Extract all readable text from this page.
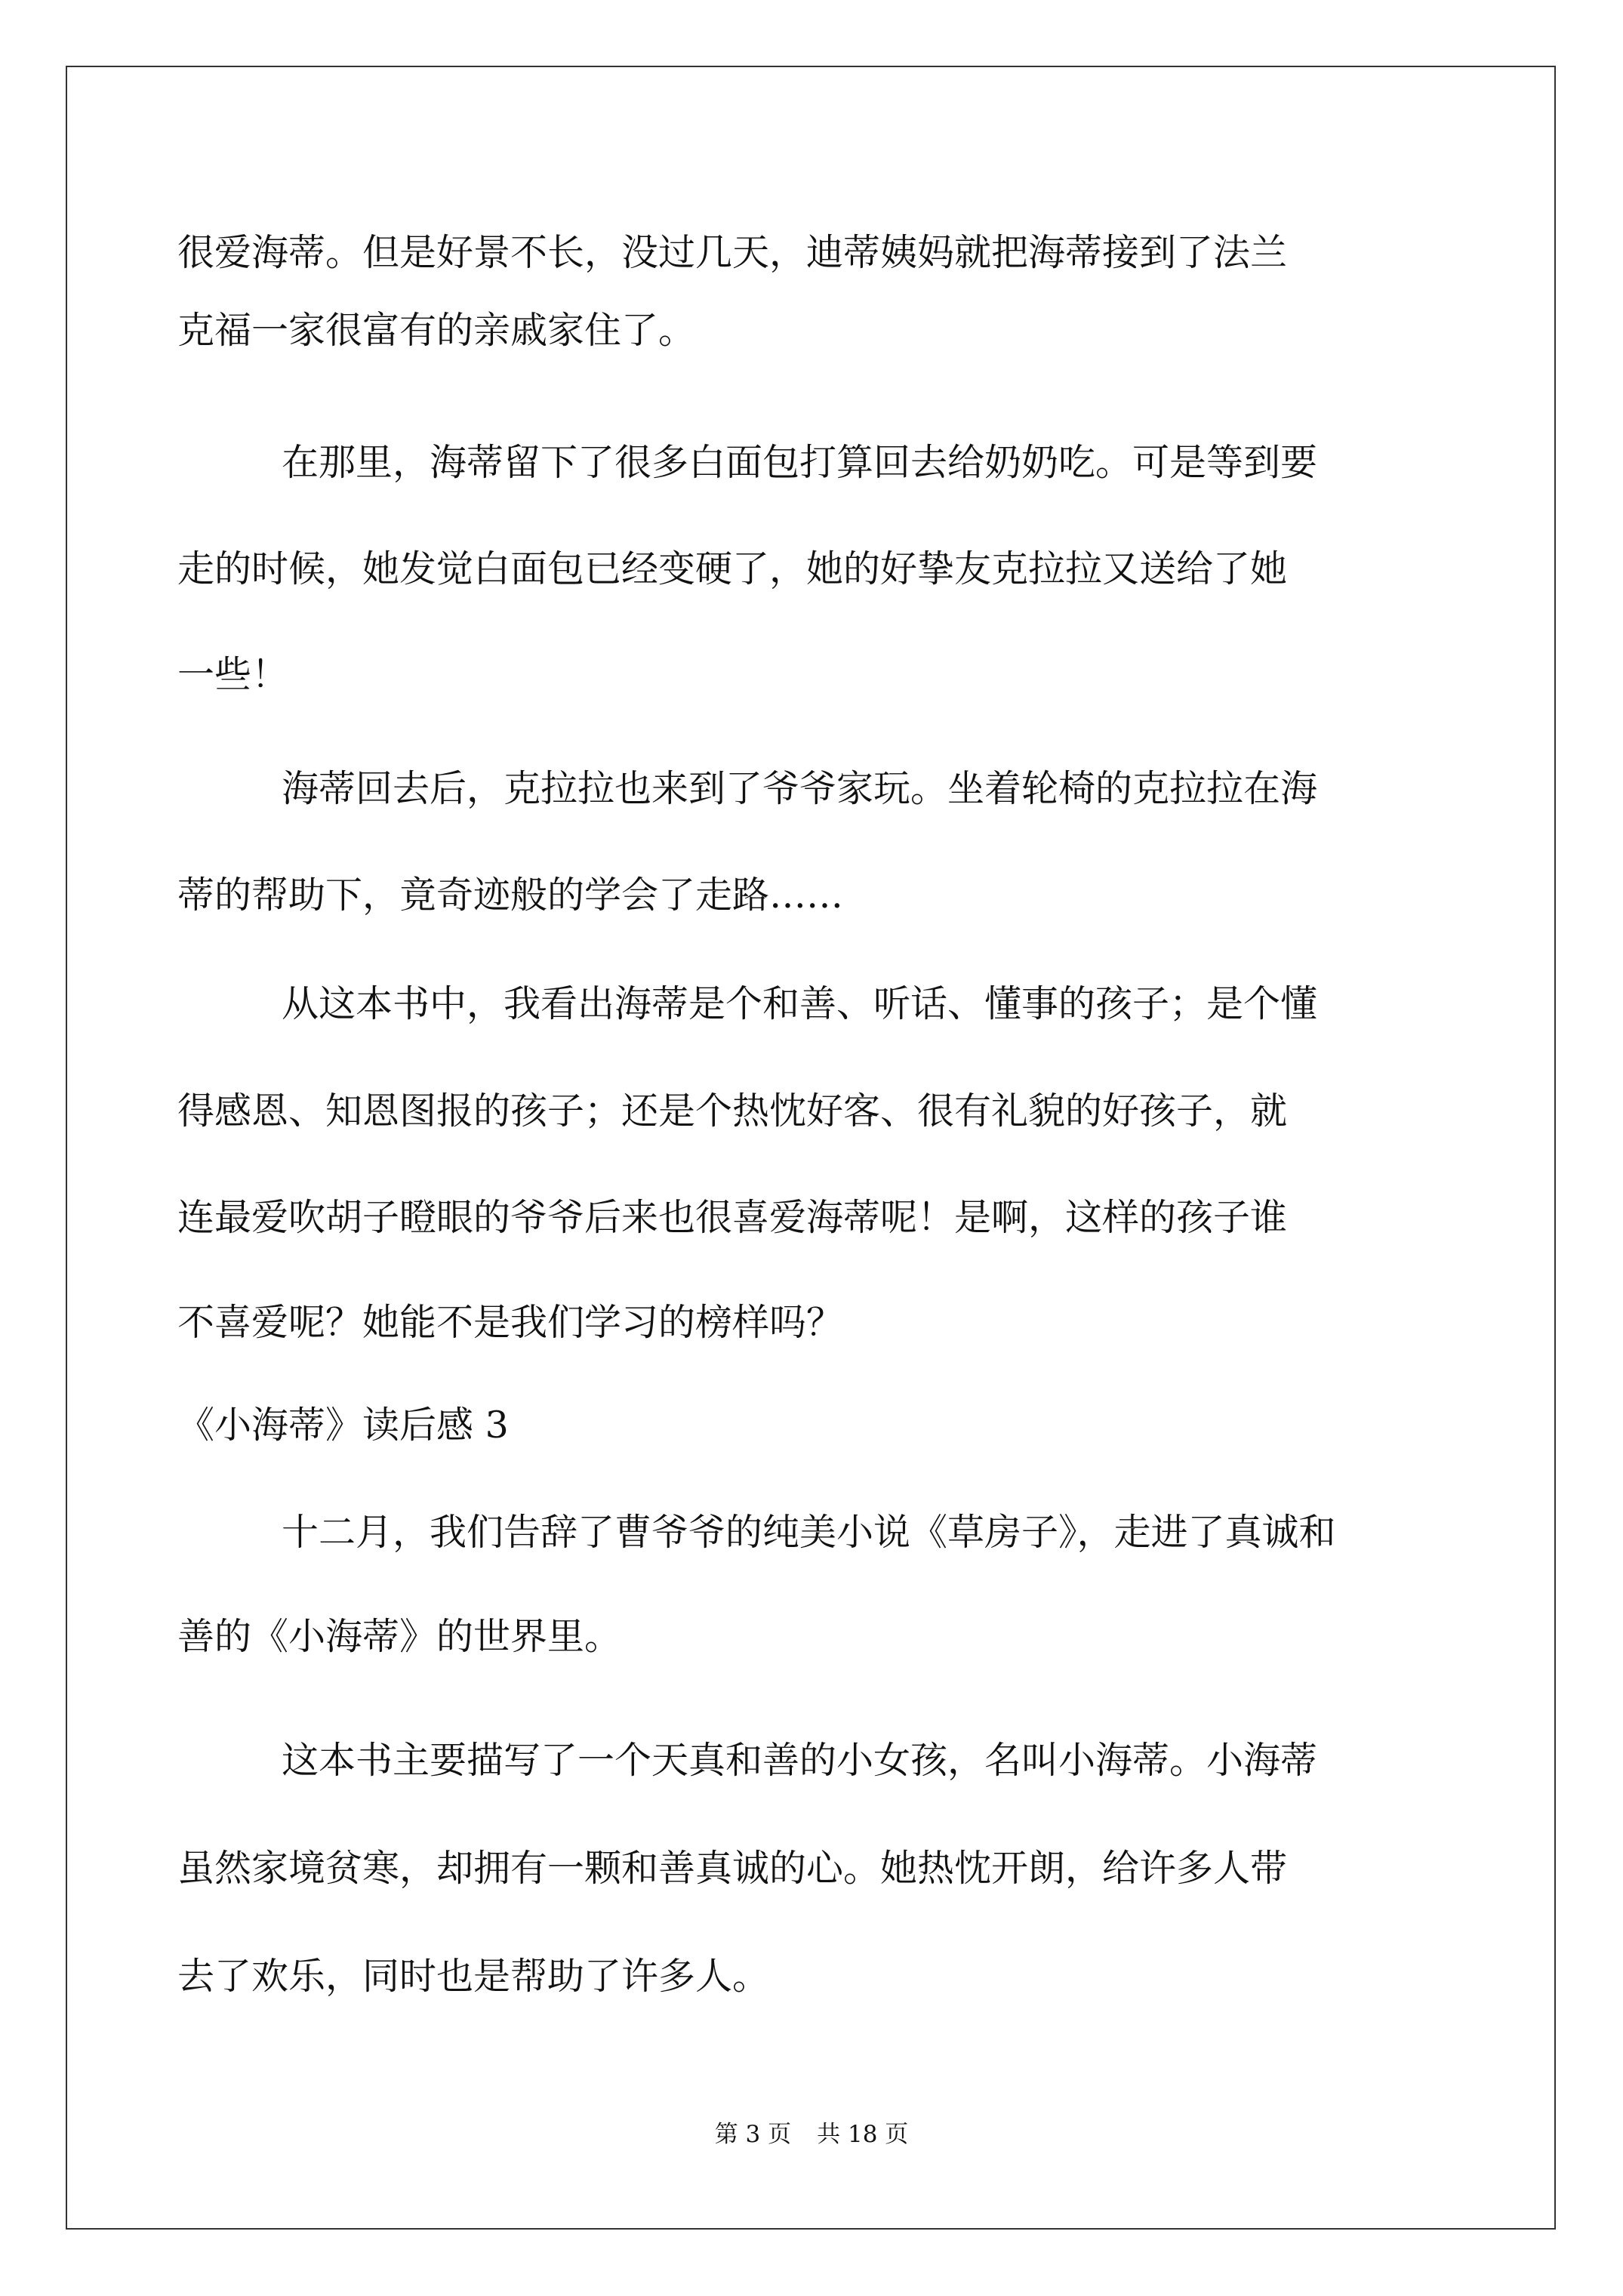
很爱海蒂。但是好景不长，没过几天，迪蒂姨妈就把海蒂接到了法兰
克福一家很富有的亲戚家住了。
在那里，海蒂留下了很多白面包打算回去给奶奶吃。可是等到要
走的时候，她发觉白面包已经变硬了，她的好挚友克拉拉又送给了她
一些！
海蒂回去后，克拉拉也来到了爷爷家玩。坐着轮椅的克拉拉在海
蒂的帮助下，竟奇迹般的学会了走路……
从这本书中，我看出海蒂是个和善、听话、懂事的孩子；是个懂
得感恩、知恩图报的孩子；还是个热忱好客、很有礼貌的好孩子，就
连最爱吹胡子瞪眼的爷爷后来也很喜爱海蒂呢！是啊，这样的孩子谁
不喜爱呢？她能不是我们学习的榜样吗？
《小海蒂》读后感 3
十二月，我们告辞了曹爷爷的纯美小说《草房子》，走进了真诚和
善的《小海蒂》的世界里。
这本书主要描写了一个天真和善的小女孩，名叫小海蒂。小海蒂
虽然家境贫寒，却拥有一颗和善真诚的心。她热忱开朗，给许多人带
去了欢乐，同时也是帮助了许多人。
第 3 页 共 18 页
